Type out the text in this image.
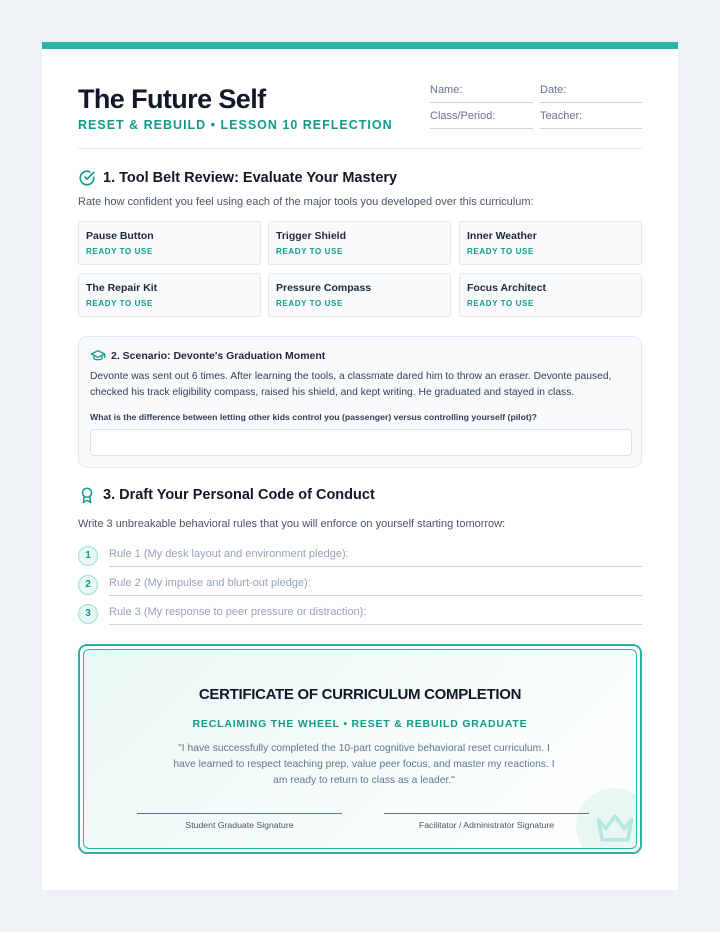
The Future Self
RESET & REBUILD • LESSON 10 REFLECTION
Name:	Date:
Class/Period:	Teacher:
1. Tool Belt Review: Evaluate Your Mastery
Rate how confident you feel using each of the major tools you developed over this curriculum:
Pause Button
READY TO USE
Trigger Shield
READY TO USE
Inner Weather
READY TO USE
The Repair Kit
READY TO USE
Pressure Compass
READY TO USE
Focus Architect
READY TO USE
2. Scenario: Devonte's Graduation Moment
Devonte was sent out 6 times. After learning the tools, a classmate dared him to throw an eraser. Devonte paused, checked his track eligibility compass, raised his shield, and kept writing. He graduated and stayed in class.
What is the difference between letting other kids control you (passenger) versus controlling yourself (pilot)?
3. Draft Your Personal Code of Conduct
Write 3 unbreakable behavioral rules that you will enforce on yourself starting tomorrow:
1	Rule 1 (My desk layout and environment pledge):
2	Rule 2 (My impulse and blurt-out pledge):
3	Rule 3 (My response to peer pressure or distraction):
CERTIFICATE OF CURRICULUM COMPLETION
RECLAIMING THE WHEEL • RESET & REBUILD GRADUATE
"I have successfully completed the 10-part cognitive behavioral reset curriculum. I have learned to respect teaching prep, value peer focus, and master my reactions. I am ready to return to class as a leader."
Student Graduate Signature	Facilitator / Administrator Signature
